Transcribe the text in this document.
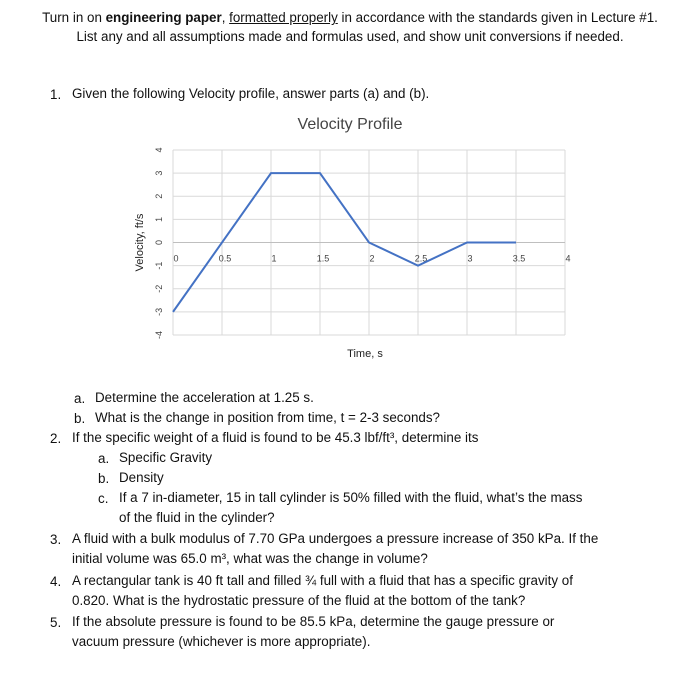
Turn in on engineering paper, formatted properly in accordance with the standards given in Lecture #1.
List any and all assumptions made and formulas used, and show unit conversions if needed.
1. Given the following Velocity profile, answer parts (a) and (b).
Velocity Profile
4
3
2
1
0
-1
-2
-3
-4
0	0.5	1	1.5	2	2.5	3	3.5	4
Velocity, ft/s
Time, s
a. Determine the acceleration at 1.25 s.
b. What is the change in position from time, t = 2-3 seconds?
2. If the specific weight of a fluid is found to be 45.3 lbf/ft³, determine its
a. Specific Gravity
b. Density
c. If a 7 in-diameter, 15 in tall cylinder is 50% filled with the fluid, what’s the mass
of the fluid in the cylinder?
3. A fluid with a bulk modulus of 7.70 GPa undergoes a pressure increase of 350 kPa. If the
initial volume was 65.0 m³, what was the change in volume?
4. A rectangular tank is 40 ft tall and filled ¾ full with a fluid that has a specific gravity of
0.820. What is the hydrostatic pressure of the fluid at the bottom of the tank?
5. If the absolute pressure is found to be 85.5 kPa, determine the gauge pressure or
vacuum pressure (whichever is more appropriate).
